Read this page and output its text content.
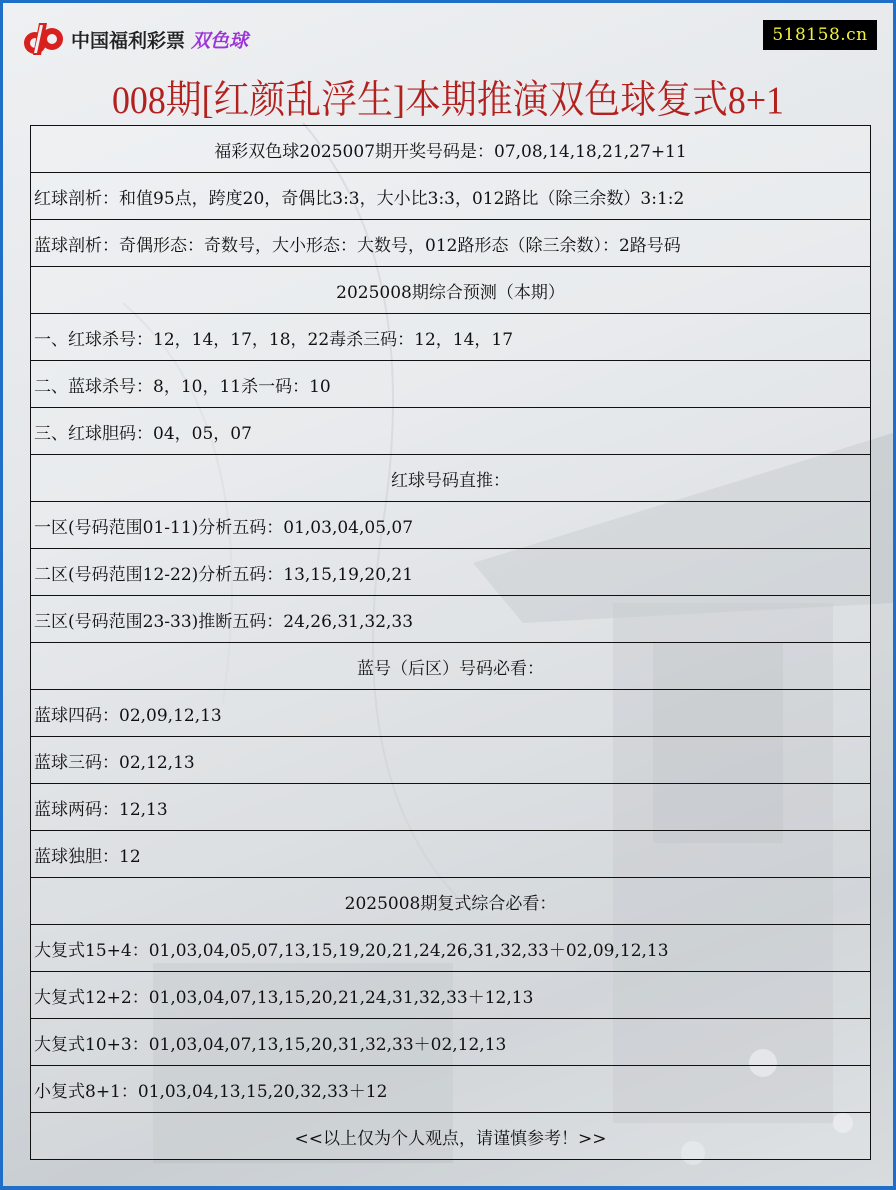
中国福利彩票 双色球	518158.cn
008期[红颜乱浮生]本期推演双色球复式8+1
福彩双色球2025007期开奖号码是：07,08,14,18,21,27+11
红球剖析：和值95点，跨度20，奇偶比3:3，大小比3:3，012路比（除三余数）3:1:2
蓝球剖析：奇偶形态：奇数号，大小形态：大数号，012路形态（除三余数）：2路号码
2025008期综合预测（本期）
一、红球杀号：12，14，17，18，22毒杀三码：12，14，17
二、蓝球杀号：8，10，11杀一码：10
三、红球胆码：04，05，07
红球号码直推：
一区(号码范围01-11)分析五码：01,03,04,05,07
二区(号码范围12-22)分析五码：13,15,19,20,21
三区(号码范围23-33)推断五码：24,26,31,32,33
蓝号（后区）号码必看：
蓝球四码：02,09,12,13
蓝球三码：02,12,13
蓝球两码：12,13
蓝球独胆：12
2025008期复式综合必看：
大复式15+4：01,03,04,05,07,13,15,19,20,21,24,26,31,32,33＋02,09,12,13
大复式12+2：01,03,04,07,13,15,20,21,24,31,32,33＋12,13
大复式10+3：01,03,04,07,13,15,20,31,32,33＋02,12,13
小复式8+1：01,03,04,13,15,20,32,33＋12
<<以上仅为个人观点，请谨慎参考！>>
